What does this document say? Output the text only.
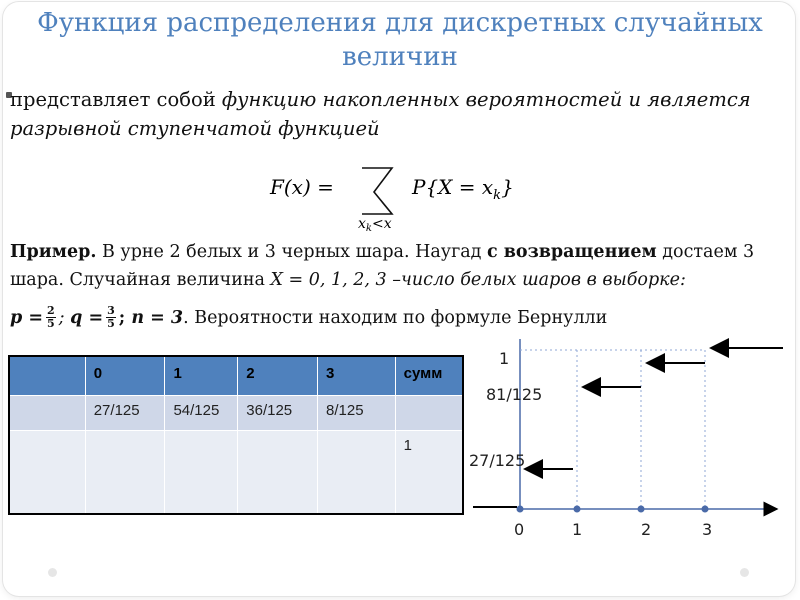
Функция распределения для дискретных случайных величин
представляет собой функцию накопленных вероятностей и является
разрывной ступенчатой функцией
F(x) =
$x_k<x$
$P\{X = x_k\}$
Пример. В урне 2 белых и 3 черных шара. Наугад с возвращением достаем 3
шара. Случайная величина X = 0, 1, 2, 3 –число белых шаров в выборке:
$p = \frac{2}{5}$ ; $q = \frac{3}{5}$ ; n = 3 . Вероятности находим по формуле Бернулли
	0	1	2	3	сумм
	27/125	54/125	36/125	8/125	
					1
1
81/125
27/125
0	1	2	3
